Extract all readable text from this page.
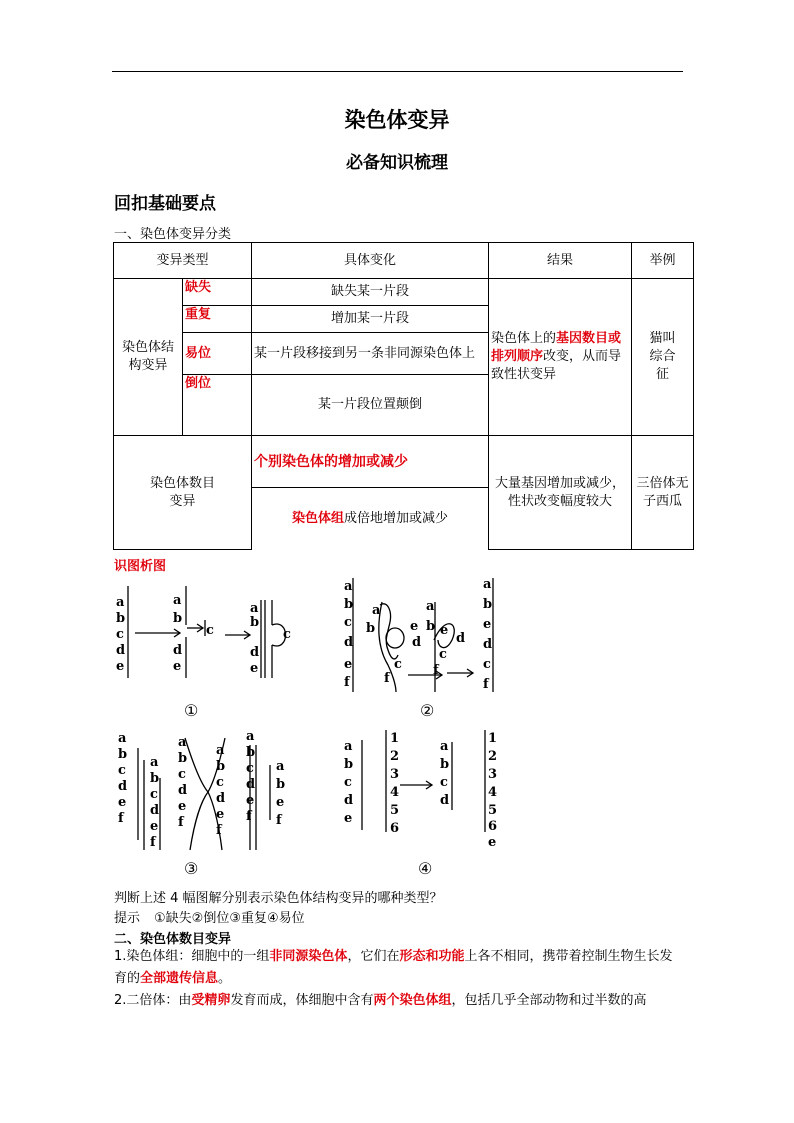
染色体变异
必备知识梳理
回扣基础要点
一、染色体变异分类
变异类型		具体变化	结果	举例
染色体结构变异	缺失	缺失某一片段	染色体上的基因数目或排列顺序改变，从而导致性状变异	猫叫综合征
	重复	增加某一片段		
	易位	某一片段移接到另一条非同源染色体上		
	倒位	某一片段位置颠倒		
染色体数目变异		个别染色体的增加或减少	大量基因增加或减少，性状改变幅度较大	三倍体无子西瓜
		染色体组成倍地增加或减少		
识图析图
a
b
c
d
e
a
b
c
d
e
a
b
c
d
e
a
b
c
d
e
f
a
b	e
d
c
f
a
b e
d
c
f
a
b
e
d
c
f
a
b
c
d
e
f
a
b
c
d
e
f
a
b
c
d
e
f
a
b
c
d
e
f
a
b
c
d
e
f
a
b
e
f
a
b
c
d
e
1
2
3
4
5
6
a
b
c
d
1
2
3
4
5
6
e
①	②
③	④
判断上述 4 幅图解分别表示染色体结构变异的哪种类型？
提示 ①缺失②倒位③重复④易位
二、染色体数目变异
1.染色体组：细胞中的一组非同源染色体，它们在形态和功能上各不相同，携带着控制生物生长发育的全部遗传信息。
2.二倍体：由受精卵发育而成，体细胞中含有两个染色体组，包括几乎全部动物和过半数的高
